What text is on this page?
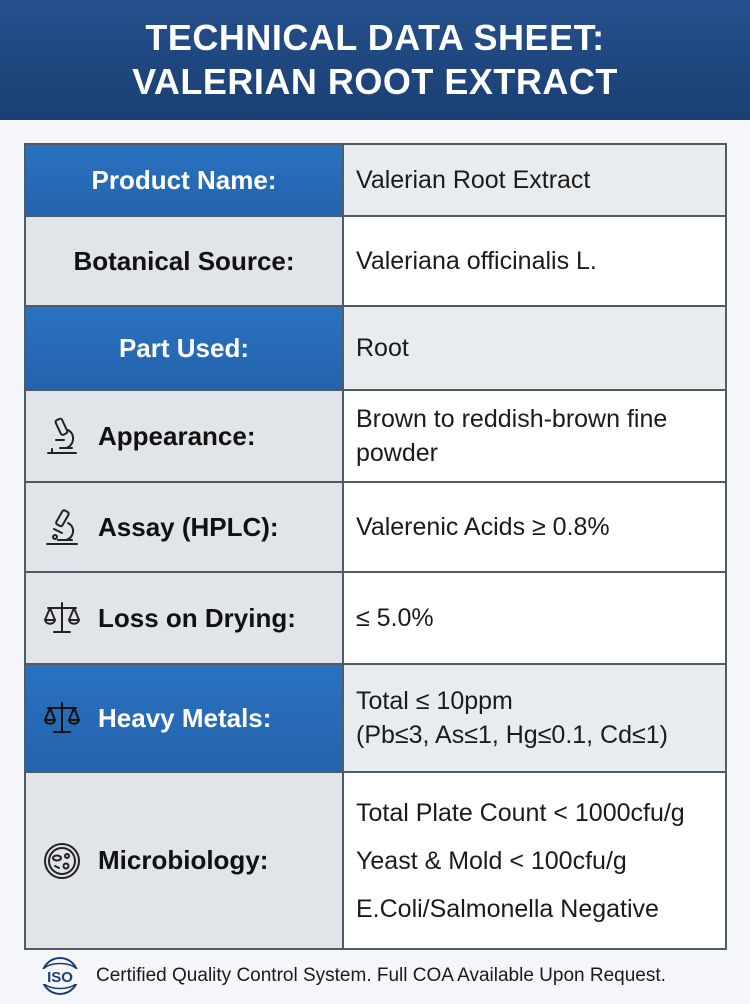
TECHNICAL DATA SHEET:
VALERIAN ROOT EXTRACT
Product Name:	Valerian Root Extract
Botanical Source:	Valeriana officinalis L.
Part Used:	Root
Appearance:
Brown to reddish-brown fine
powder
Assay (HPLC):	Valerenic Acids ≥ 0.8%
Loss on Drying: ≤ 5.0%
Heavy Metals:
Total ≤ 10ppm
(Pb≤3, As≤1, Hg≤0.1, Cd≤1)
Microbiology:
Total Plate Count < 1000cfu/g
Yeast & Mold < 100cfu/g
E.Coli/Salmonella Negative
ISO Certified Quality Control System. Full COA Available Upon Request.
